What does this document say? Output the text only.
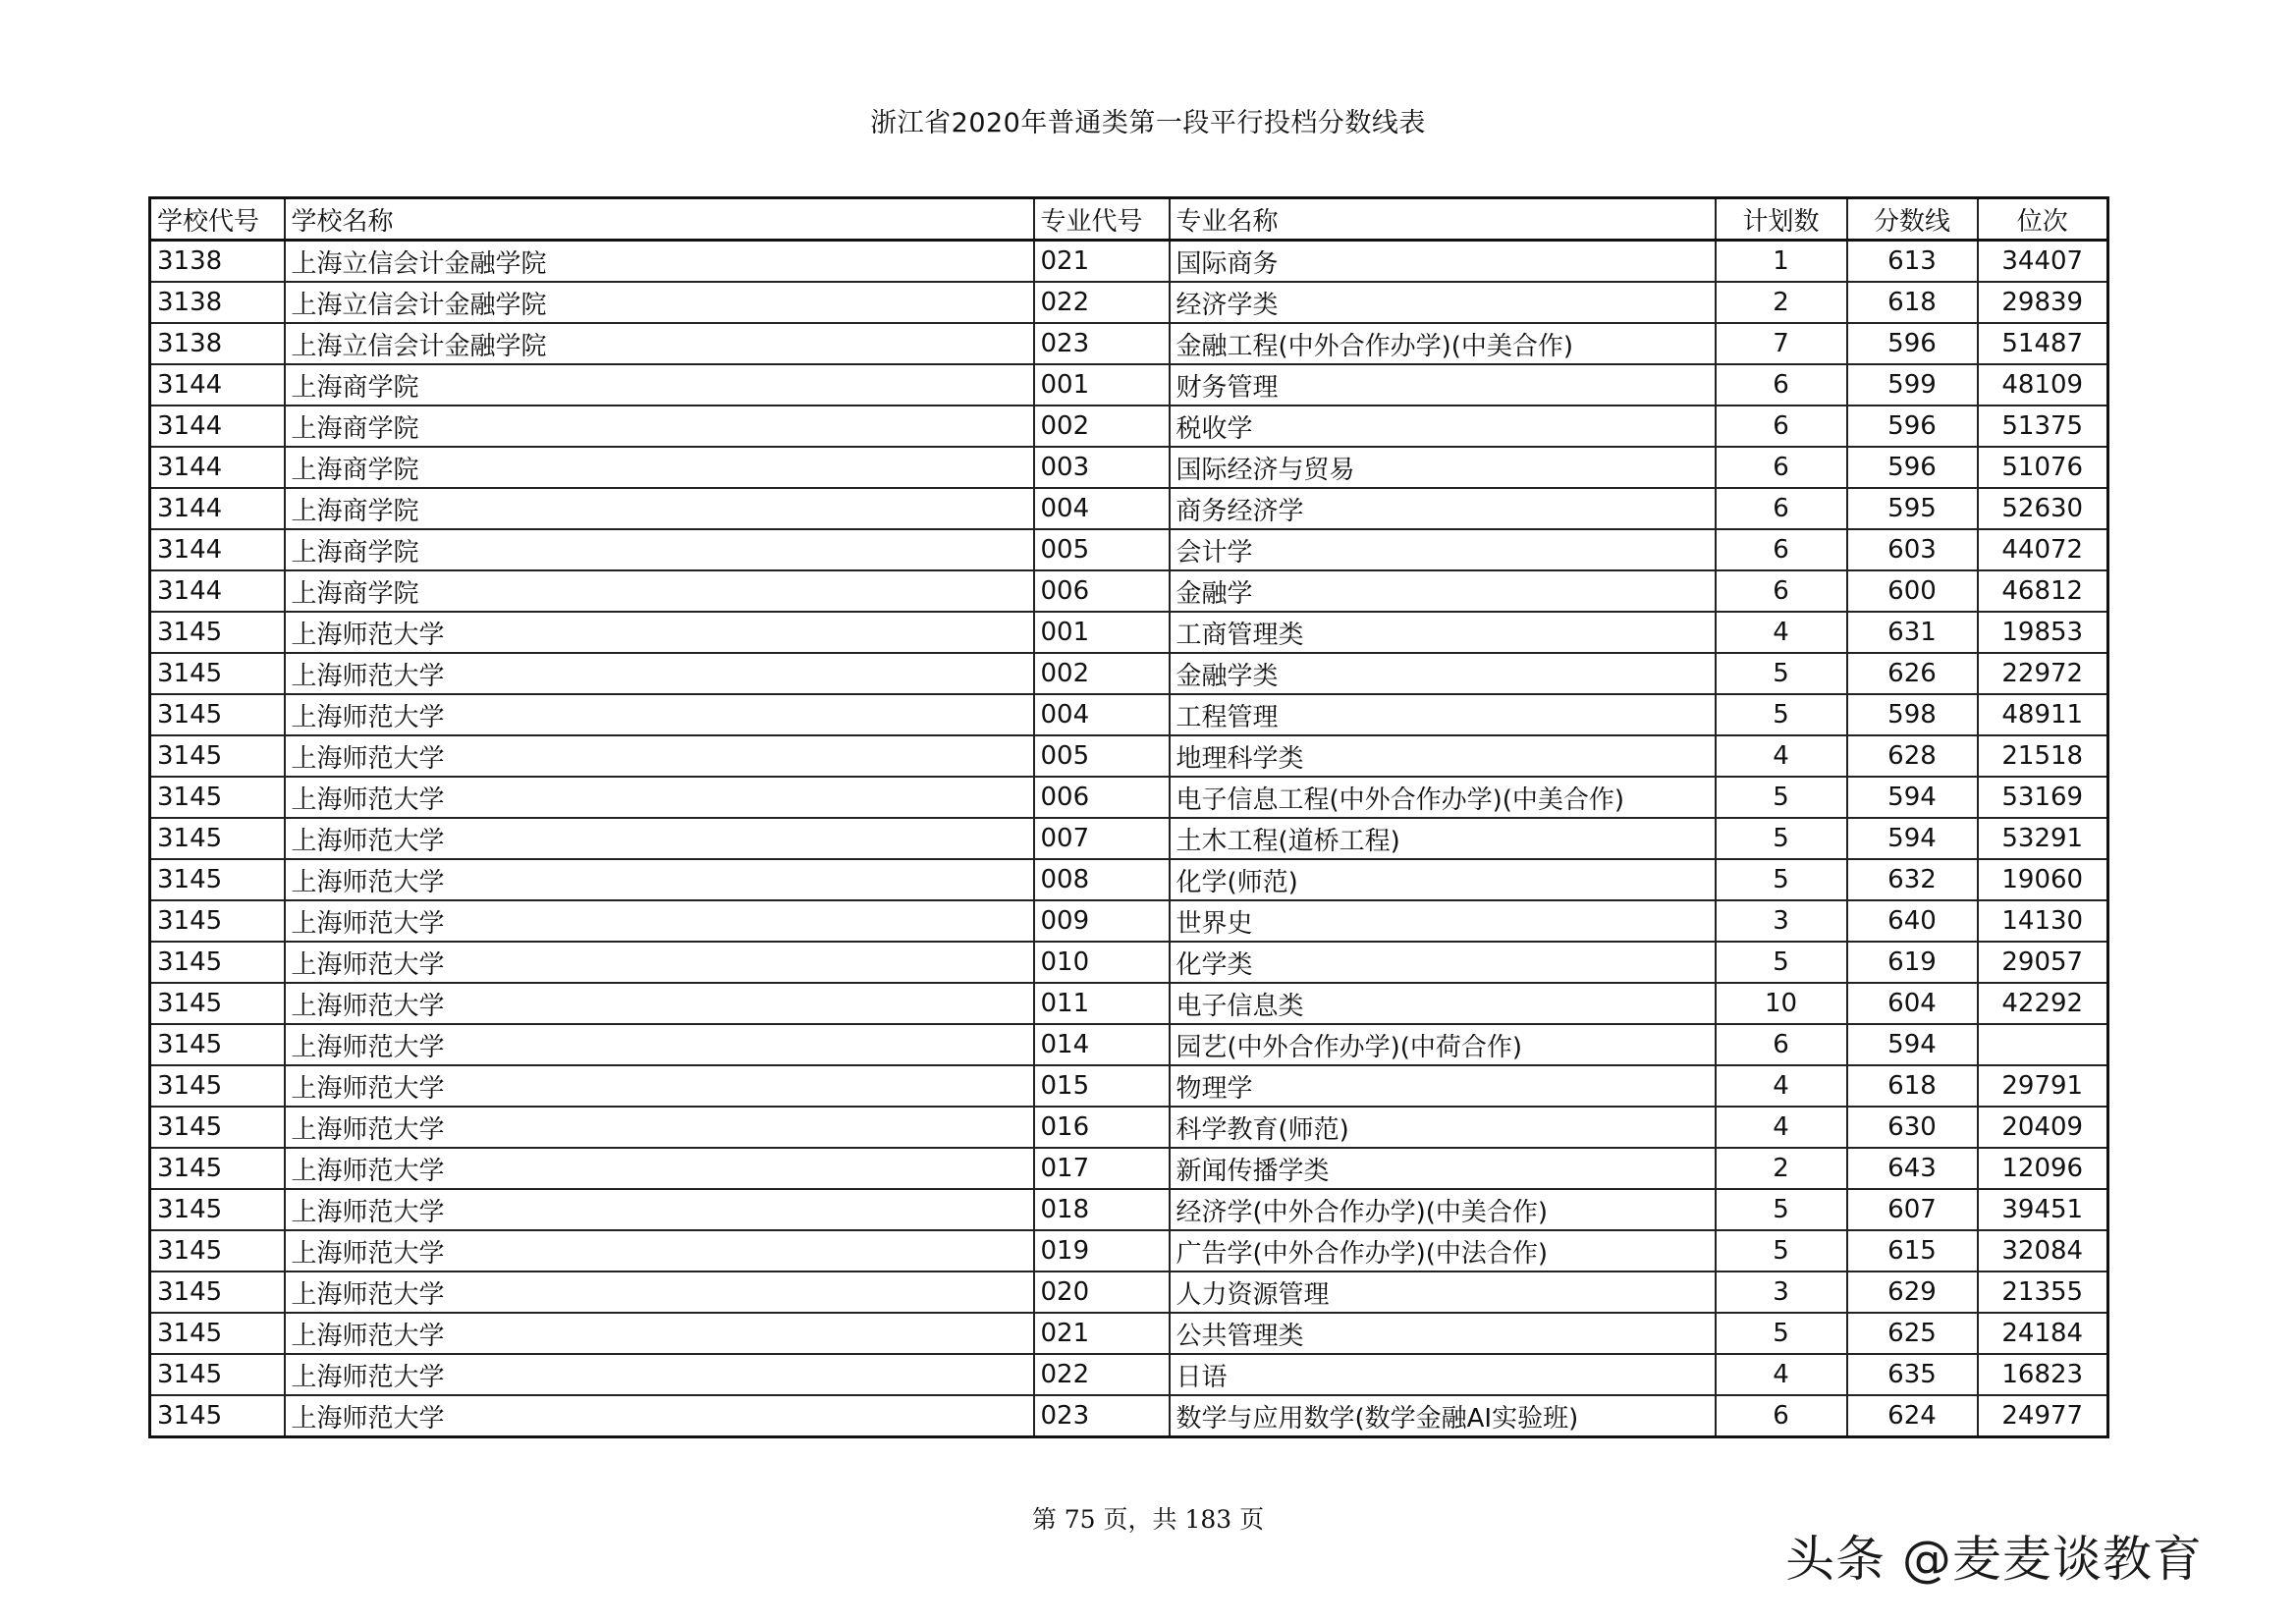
浙江省2020年普通类第一段平行投档分数线表
学校代号	学校名称	专业代号	专业名称	计划数	分数线	位次
3138	上海立信会计金融学院	021	国际商务	1	613	34407
3138	上海立信会计金融学院	022	经济学类	2	618	29839
3138	上海立信会计金融学院	023	金融工程(中外合作办学)(中美合作)	7	596	51487
3144	上海商学院	001	财务管理	6	599	48109
3144	上海商学院	002	税收学	6	596	51375
3144	上海商学院	003	国际经济与贸易	6	596	51076
3144	上海商学院	004	商务经济学	6	595	52630
3144	上海商学院	005	会计学	6	603	44072
3144	上海商学院	006	金融学	6	600	46812
3145	上海师范大学	001	工商管理类	4	631	19853
3145	上海师范大学	002	金融学类	5	626	22972
3145	上海师范大学	004	工程管理	5	598	48911
3145	上海师范大学	005	地理科学类	4	628	21518
3145	上海师范大学	006	电子信息工程(中外合作办学)(中美合作)	5	594	53169
3145	上海师范大学	007	土木工程(道桥工程)	5	594	53291
3145	上海师范大学	008	化学(师范)	5	632	19060
3145	上海师范大学	009	世界史	3	640	14130
3145	上海师范大学	010	化学类	5	619	29057
3145	上海师范大学	011	电子信息类	10	604	42292
3145	上海师范大学	014	园艺(中外合作办学)(中荷合作)	6	594	
3145	上海师范大学	015	物理学	4	618	29791
3145	上海师范大学	016	科学教育(师范)	4	630	20409
3145	上海师范大学	017	新闻传播学类	2	643	12096
3145	上海师范大学	018	经济学(中外合作办学)(中美合作)	5	607	39451
3145	上海师范大学	019	广告学(中外合作办学)(中法合作)	5	615	32084
3145	上海师范大学	020	人力资源管理	3	629	21355
3145	上海师范大学	021	公共管理类	5	625	24184
3145	上海师范大学	022	日语	4	635	16823
3145	上海师范大学	023	数学与应用数学(数学金融AI实验班)	6	624	24977
第 75 页，共 183 页
头条 @麦麦谈教育
